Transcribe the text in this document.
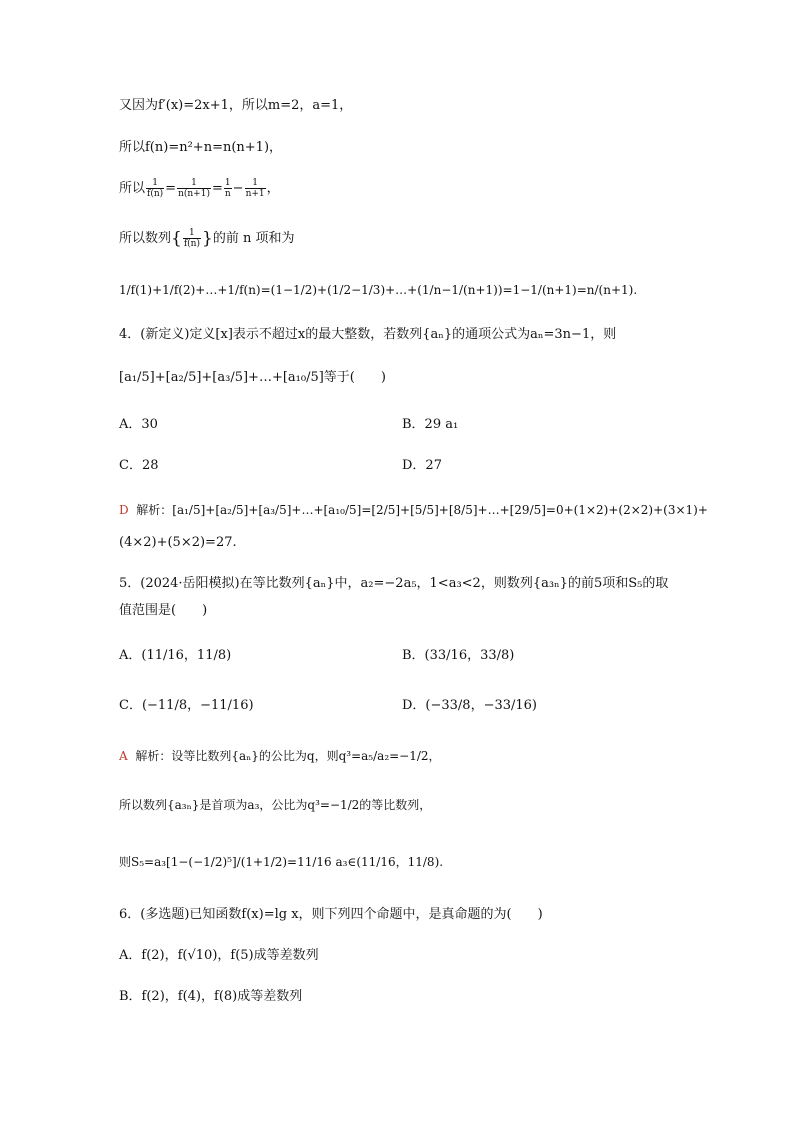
又因为f′(x)=2x+1，所以m=2，a=1，
所以f(n)=n²+n=n(n+1)，
所以 $\frac{1}{f(n)} = \frac{1}{n(n+1)} = \frac{1}{n} - \frac{1}{n+1}$ ，
所以数列{ $\frac{1}{f(n)}$ }的前 n 项和为
1/f(1)+1/f(2)+…+1/f(n)=(1−1/2)+(1/2−1/3)+…+(1/n−1/(n+1))=1−1/(n+1)=n/(n+1).
4．(新定义)定义[x]表示不超过x的最大整数，若数列{aₙ}的通项公式为aₙ=3n−1，则
[a₁/5]+[a₂/5]+[a₃/5]+…+[a₁₀/5]等于(　　)
A．30	B．29 a₁
C．28	D．27
D 解析：[a₁/5]+[a₂/5]+[a₃/5]+…+[a₁₀/5]=[2/5]+[5/5]+[8/5]+…+[29/5]=0+(1×2)+(2×2)+(3×1)+
(4×2)+(5×2)=27.
5．(2024·岳阳模拟)在等比数列{aₙ}中，a₂=−2a₅，1<a₃<2，则数列{a₃ₙ}的前5项和S₅的取
值范围是(　　)
A．(11/16，11/8)	B．(33/16，33/8)
C．(−11/8，−11/16)	D．(−33/8，−33/16)
A 解析：设等比数列{aₙ}的公比为q，则q³=a₅/a₂=−1/2，
所以数列{a₃ₙ}是首项为a₃，公比为q³=−1/2的等比数列，
则S₅=a₃[1−(−1/2)⁵]/(1+1/2)=11/16 a₃∈(11/16，11/8).
6．(多选题)已知函数f(x)=lg x，则下列四个命题中，是真命题的为(　　)
A．f(2)，f(√10)，f(5)成等差数列
B．f(2)，f(4)，f(8)成等差数列
